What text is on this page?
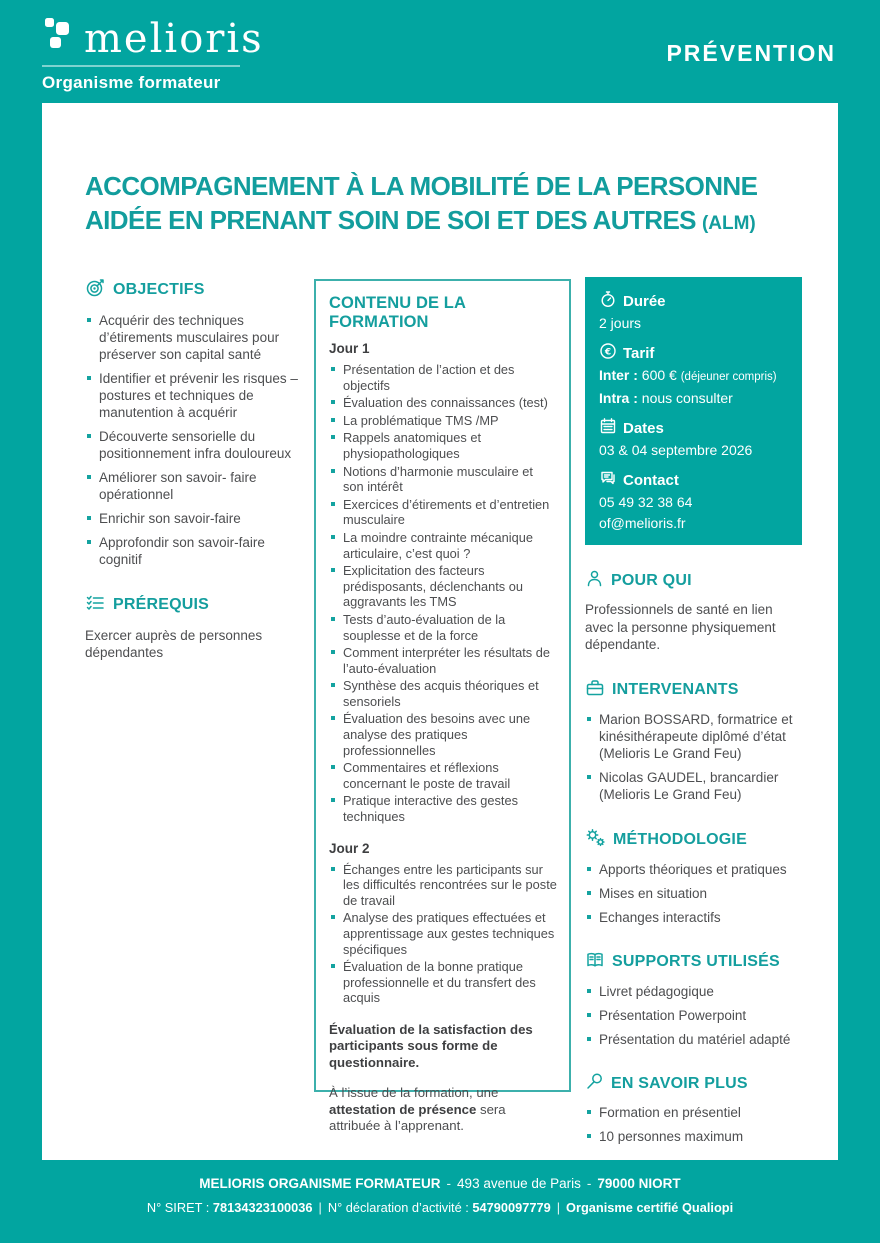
melioris
Organisme formateur
PRÉVENTION
ACCOMPAGNEMENT À LA MOBILITÉ DE LA PERSONNE
AIDÉE EN PRENANT SOIN DE SOI ET DES AUTRES (ALM)
OBJECTIFS
Acquérir des techniques d’étirements musculaires pour préserver son capital santé
Identifier et prévenir les risques – postures et techniques de manutention à acquérir
Découverte sensorielle du positionnement infra douloureux
Améliorer son savoir- faire opérationnel
Enrichir son savoir-faire
Approfondir son savoir-faire cognitif
PRÉREQUIS

Exercer auprès de personnes dépendantes

CONTENU DE LA FORMATION
Jour 1
Présentation de l’action et des objectifs
Évaluation des connaissances (test)
La problématique TMS /MP
Rappels anatomiques et physiopathologiques
Notions d’harmonie musculaire et son intérêt
Exercices d’étirements et d’entretien musculaire
La moindre contrainte mécanique articulaire, c’est quoi ?
Explicitation des facteurs prédisposants, déclenchants ou aggravants les TMS
Tests d’auto-évaluation de la souplesse et de la force
Comment interpréter les résultats de l’auto-évaluation
Synthèse des acquis théoriques et sensoriels
Évaluation des besoins avec une analyse des pratiques professionnelles
Commentaires et réflexions concernant le poste de travail
Pratique interactive des gestes techniques
Jour 2
Échanges entre les participants sur les difficultés rencontrées sur le poste de travail
Analyse des pratiques effectuées et apprentissage aux gestes techniques spécifiques
Évaluation de la bonne pratique professionnelle et du transfert des acquis

Évaluation de la satisfaction des participants sous forme de questionnaire.

À l’issue de la formation, une attestation de présence sera attribuée à l’apprenant.

Durée
2 jours
€ Tarif
Inter : 600 € (déjeuner compris)
Intra : nous consulter
Dates
03 & 04 septembre 2026
Contact
05 49 32 38 64
of@melioris.fr
POUR QUI

Professionnels de santé en lien avec la personne physiquement dépendante.

INTERVENANTS
Marion BOSSARD, formatrice et kinésithérapeute diplômé d’état (Melioris Le Grand Feu)
Nicolas GAUDEL, brancardier (Melioris Le Grand Feu)
MÉTHODOLOGIE
Apports théoriques et pratiques
Mises en situation
Echanges interactifs
SUPPORTS UTILISÉS
Livret pédagogique
Présentation Powerpoint
Présentation du matériel adapté
EN SAVOIR PLUS
Formation en présentiel
10 personnes maximum
MELIORIS ORGANISME FORMATEUR - 493 avenue de Paris - 79000 NIORT
N° SIRET : 78134323100036 | N° déclaration d’activité : 54790097779 | Organisme certifié Qualiopi
